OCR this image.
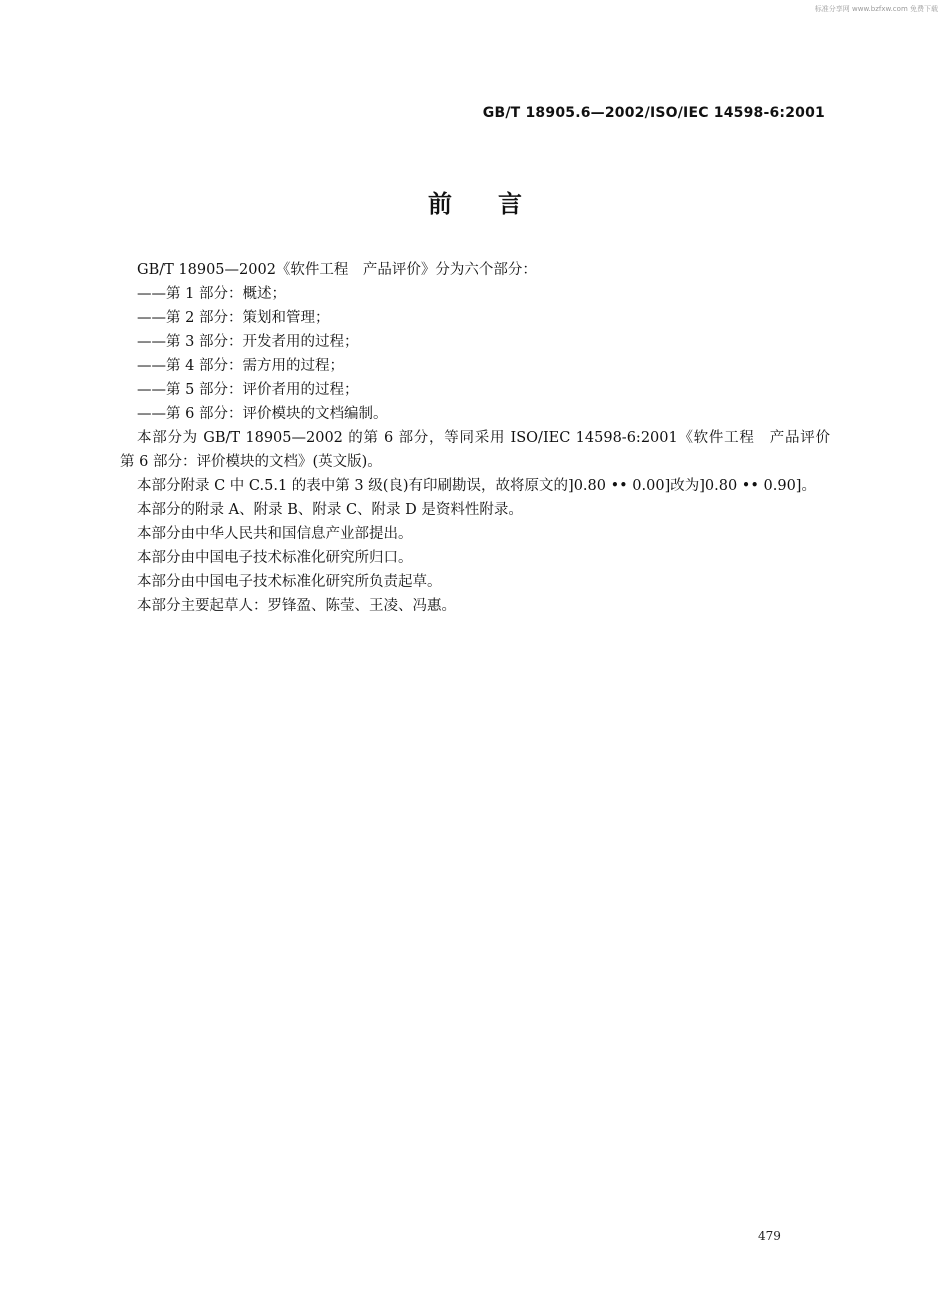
标准分享网 www.bzfxw.com 免费下载
GB/T 18905.6—2002/ISO/IEC 14598-6:2001
前言

GB/T 18905—2002《软件工程　产品评价》分为六个部分：

——第 1 部分：概述；

——第 2 部分：策划和管理；

——第 3 部分：开发者用的过程；

——第 4 部分：需方用的过程；

——第 5 部分：评价者用的过程；

——第 6 部分：评价模块的文档编制。

本部分为 GB/T 18905—2002 的第 6 部分，等同采用 ISO/IEC 14598-6:2001《软件工程　产品评价　第 6 部分：评价模块的文档》(英文版)。

本部分附录 C 中 C.5.1 的表中第 3 级(良)有印刷勘误，故将原文的]0.80 •• 0.00]改为]0.80 •• 0.90]。

本部分的附录 A、附录 B、附录 C、附录 D 是资料性附录。

本部分由中华人民共和国信息产业部提出。

本部分由中国电子技术标准化研究所归口。

本部分由中国电子技术标准化研究所负责起草。

本部分主要起草人：罗锋盈、陈莹、王凌、冯惠。

479
